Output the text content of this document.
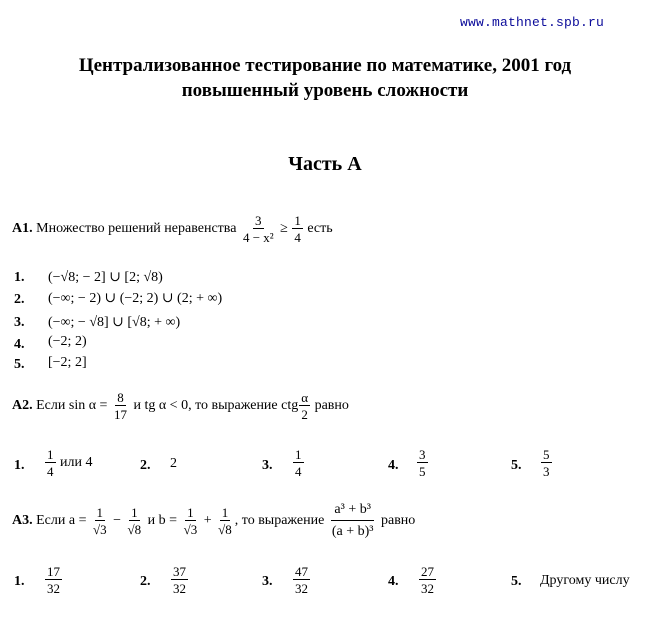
www.mathnet.spb.ru
Централизованное тестирование по математике, 2001 год
повышенный уровень сложности
Часть A
A1. Множество решений неравенства $\frac{3}{\text{4 − x²}} \ge \frac{1}{4}$ есть
1. (−√8; − 2] ∪ [2; √8)
2. (−∞; − 2) ∪ (−2; 2) ∪ (2; + ∞)
3. (−∞; − √8] ∪ [√8; + ∞)
4. (−2; 2)
5. [−2; 2]
A2. Если $\sin \alpha = \frac{8}{17}$ и tg α < 0, то выражение ctg $\frac{\alpha}{2}$ равно
1. $\frac{1}{4}$ или 4	2. 2	3. $\frac{1}{4}$	4. $\frac{3}{5}$	5. $\frac{5}{3}$
A3. Если $a = \frac{1}{√3} - \frac{1}{√8}$ и $b = \frac{1}{√3} + \frac{1}{√8}$ , то выражение $\frac{\text{a³ + b³}}{\text{(a + b)³}}$ равно
1. $\frac{17}{32}$	2. $\frac{37}{32}$	3. $\frac{47}{32}$	4. $\frac{27}{32}$	5. Другому числу
